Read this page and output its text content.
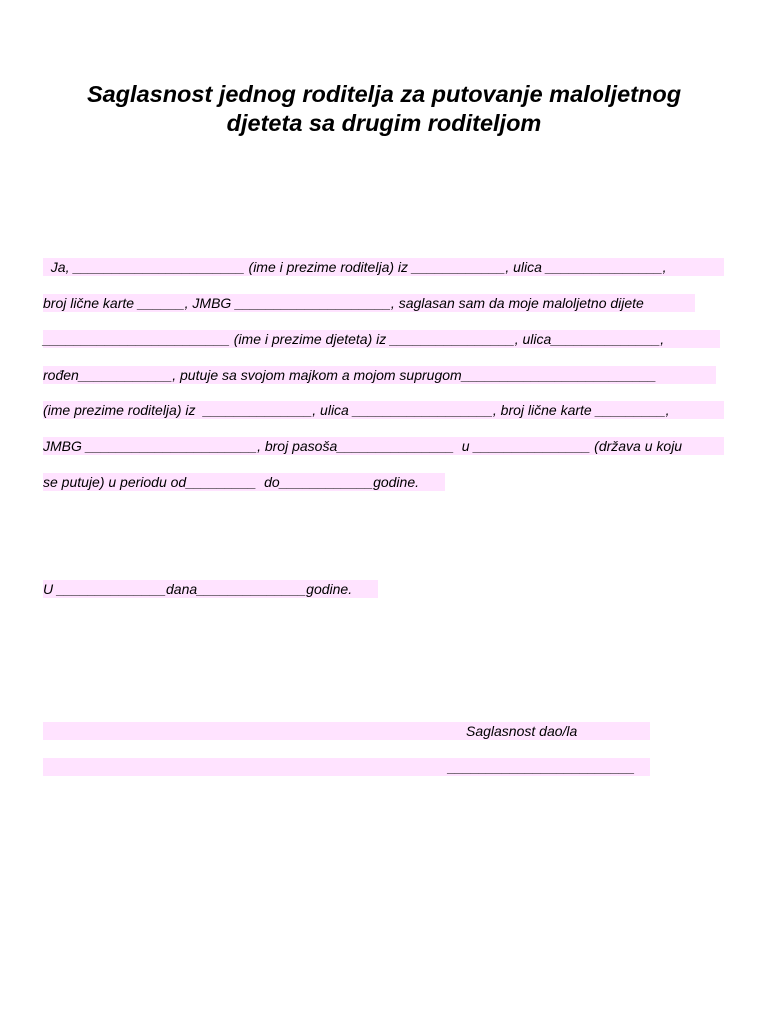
Saglasnost jednog roditelja za putovanje maloljetnog
djeteta sa drugim roditeljom
Ja, ______________________ (ime i prezime roditelja) iz ____________, ulica _______________,
broj lične karte ______, JMBG ____________________, saglasan sam da moje maloljetno dijete
________________________ (ime i prezime djeteta) iz ________________, ulica______________,
rođen____________, putuje sa svojom majkom a mojom suprugom_________________________
(ime prezime roditelja) iz  ______________, ulica __________________, broj lične karte _________,
JMBG ______________________, broj pasoša_______________  u _______________ (država u koju
se putuje) u periodu od_________  do____________godine.
U ______________dana______________godine.
Saglasnost dao/la
________________________
